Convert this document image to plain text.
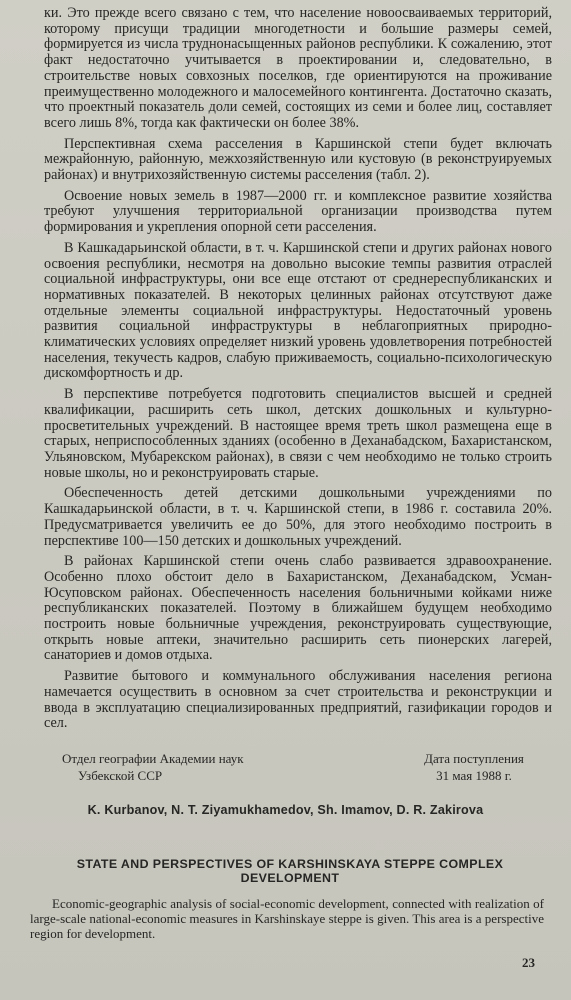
ки. Это прежде всего связано с тем, что население новоосваиваемых территорий, которому присущи традиции многодетности и большие размеры семей, формируется из числа труднонасыщенных районов республики. К сожалению, этот факт недостаточно учитывается в проектировании и, следовательно, в строительстве новых совхозных поселков, где ориентируются на проживание преимущественно молодежного и малосемейного контингента. Достаточно сказать, что проектный показатель доли семей, состоящих из семи и более лиц, составляет всего лишь 8%, тогда как фактически он более 38%.

Перспективная схема расселения в Каршинской степи будет включать межрайонную, районную, межхозяйственную или кустовую (в реконструируемых районах) и внутрихозяйственную системы расселения (табл. 2).

Освоение новых земель в 1987—2000 гг. и комплексное развитие хозяйства требуют улучшения территориальной организации производства путем формирования и укрепления опорной сети расселения.

В Кашкадарьинской области, в т. ч. Каршинской степи и других районах нового освоения республики, несмотря на довольно высокие темпы развития отраслей социальной инфраструктуры, они все еще отстают от среднереспубликанских и нормативных показателей. В некоторых целинных районах отсутствуют даже отдельные элементы социальной инфраструктуры. Недостаточный уровень развития социальной инфраструктуры в неблагоприятных природно-климатических условиях определяет низкий уровень удовлетворения потребностей населения, текучесть кадров, слабую приживаемость, социально-психологическую дискомфортность и др.

В перспективе потребуется подготовить специалистов высшей и средней квалификации, расширить сеть школ, детских дошкольных и культурно-просветительных учреждений. В настоящее время треть школ размещена еще в старых, неприспособленных зданиях (особенно в Деханабадском, Бахаристанском, Ульяновском, Мубарекском районах), в связи с чем необходимо не только строить новые школы, но и реконструировать старые.

Обеспеченность детей детскими дошкольными учреждениями по Кашкадарьинской области, в т. ч. Каршинской степи, в 1986 г. составила 20%. Предусматривается увеличить ее до 50%, для этого необходимо построить в перспективе 100—150 детских и дошкольных учреждений.

В районах Каршинской степи очень слабо развивается здравоохранение. Особенно плохо обстоит дело в Бахаристанском, Деханабадском, Усман-Юсуповском районах. Обеспеченность населения больничными койками ниже республиканских показателей. Поэтому в ближайшем будущем необходимо построить новые больничные учреждения, реконструировать существующие, открыть новые аптеки, значительно расширить сеть пионерских лагерей, санаториев и домов отдыха.

Развитие бытового и коммунального обслуживания населения региона намечается осуществить в основном за счет строительства и реконструкции и ввода в эксплуатацию специализированных предприятий, газификации городов и сел.

Отдел географии Академии наук
Узбекской ССР
Дата поступления
31 мая 1988 г.
K. Kurbanov, N. T. Ziyamukhamedov, Sh. Imamov, D. R. Zakirova
STATE AND PERSPECTIVES OF KARSHINSKAYA STEPPE COMPLEX DEVELOPMENT

Economic-geographic analysis of social-economic development, connected with realization of large-scale national-economic measures in Karshinskaye steppe is given. This area is a perspective region for development.

23
